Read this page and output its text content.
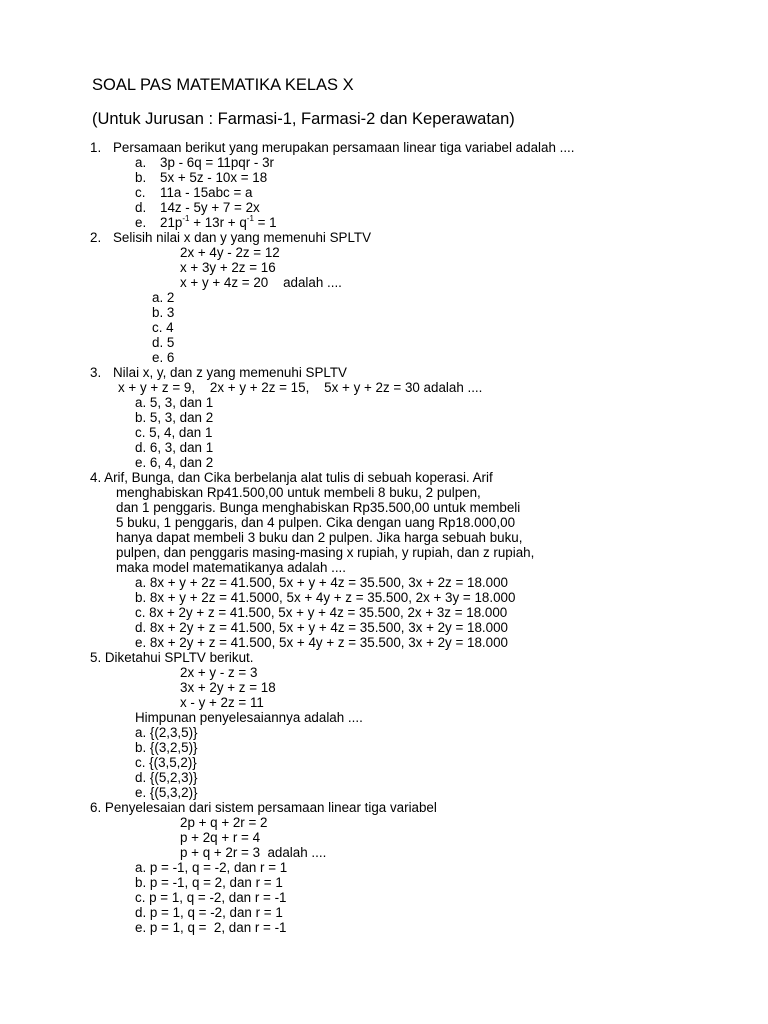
SOAL PAS MATEMATIKA KELAS X
(Untuk Jurusan : Farmasi-1, Farmasi-2 dan Keperawatan)
1. Persamaan berikut yang merupakan persamaan linear tiga variabel adalah ....
a. 3p - 6q = 11pqr - 3r
b. 5x + 5z - 10x = 18
c. 11a - 15abc = a
d. 14z - 5y + 7 = 2x
e. $21p^{-1} + 13r + q^{-1} = 1$
2. Selisih nilai x dan y yang memenuhi SPLTV
2x + 4y - 2z = 12
x + 3y + 2z = 16
x + y + 4z = 20    adalah ....
a. 2
b. 3
c. 4
d. 5
e. 6
3. Nilai x, y, dan z yang memenuhi SPLTV
x + y + z = 9,    2x + y + 2z = 15,    5x + y + 2z = 30 adalah ....
a. 5, 3, dan 1
b. 5, 3, dan 2
c. 5, 4, dan 1
d. 6, 3, dan 1
e. 6, 4, dan 2
4. Arif, Bunga, dan Cika berbelanja alat tulis di sebuah koperasi. Arif
menghabiskan Rp41.500,00 untuk membeli 8 buku, 2 pulpen,
dan 1 penggaris. Bunga menghabiskan Rp35.500,00 untuk membeli
5 buku, 1 penggaris, dan 4 pulpen. Cika dengan uang Rp18.000,00
hanya dapat membeli 3 buku dan 2 pulpen. Jika harga sebuah buku,
pulpen, dan penggaris masing-masing x rupiah, y rupiah, dan z rupiah,
maka model matematikanya adalah ....
a. 8x + y + 2z = 41.500, 5x + y + 4z = 35.500, 3x + 2z = 18.000
b. 8x + y + 2z = 41.5000, 5x + 4y + z = 35.500, 2x + 3y = 18.000
c. 8x + 2y + z = 41.500, 5x + y + 4z = 35.500, 2x + 3z = 18.000
d. 8x + 2y + z = 41.500, 5x + y + 4z = 35.500, 3x + 2y = 18.000
e. 8x + 2y + z = 41.500, 5x + 4y + z = 35.500, 3x + 2y = 18.000
5. Diketahui SPLTV berikut.
2x + y - z = 3
3x + 2y + z = 18
x - y + 2z = 11
Himpunan penyelesaiannya adalah ....
a. {(2,3,5)}
b. {(3,2,5)}
c. {(3,5,2)}
d. {(5,2,3)}
e. {(5,3,2)}
6. Penyelesaian dari sistem persamaan linear tiga variabel
2p + q + 2r = 2
p + 2q + r = 4
p + q + 2r = 3  adalah ....
a. p = -1, q = -2, dan r = 1
b. p = -1, q = 2, dan r = 1
c. p = 1, q = -2, dan r = -1
d. p = 1, q = -2, dan r = 1
e. p = 1, q =  2, dan r = -1
